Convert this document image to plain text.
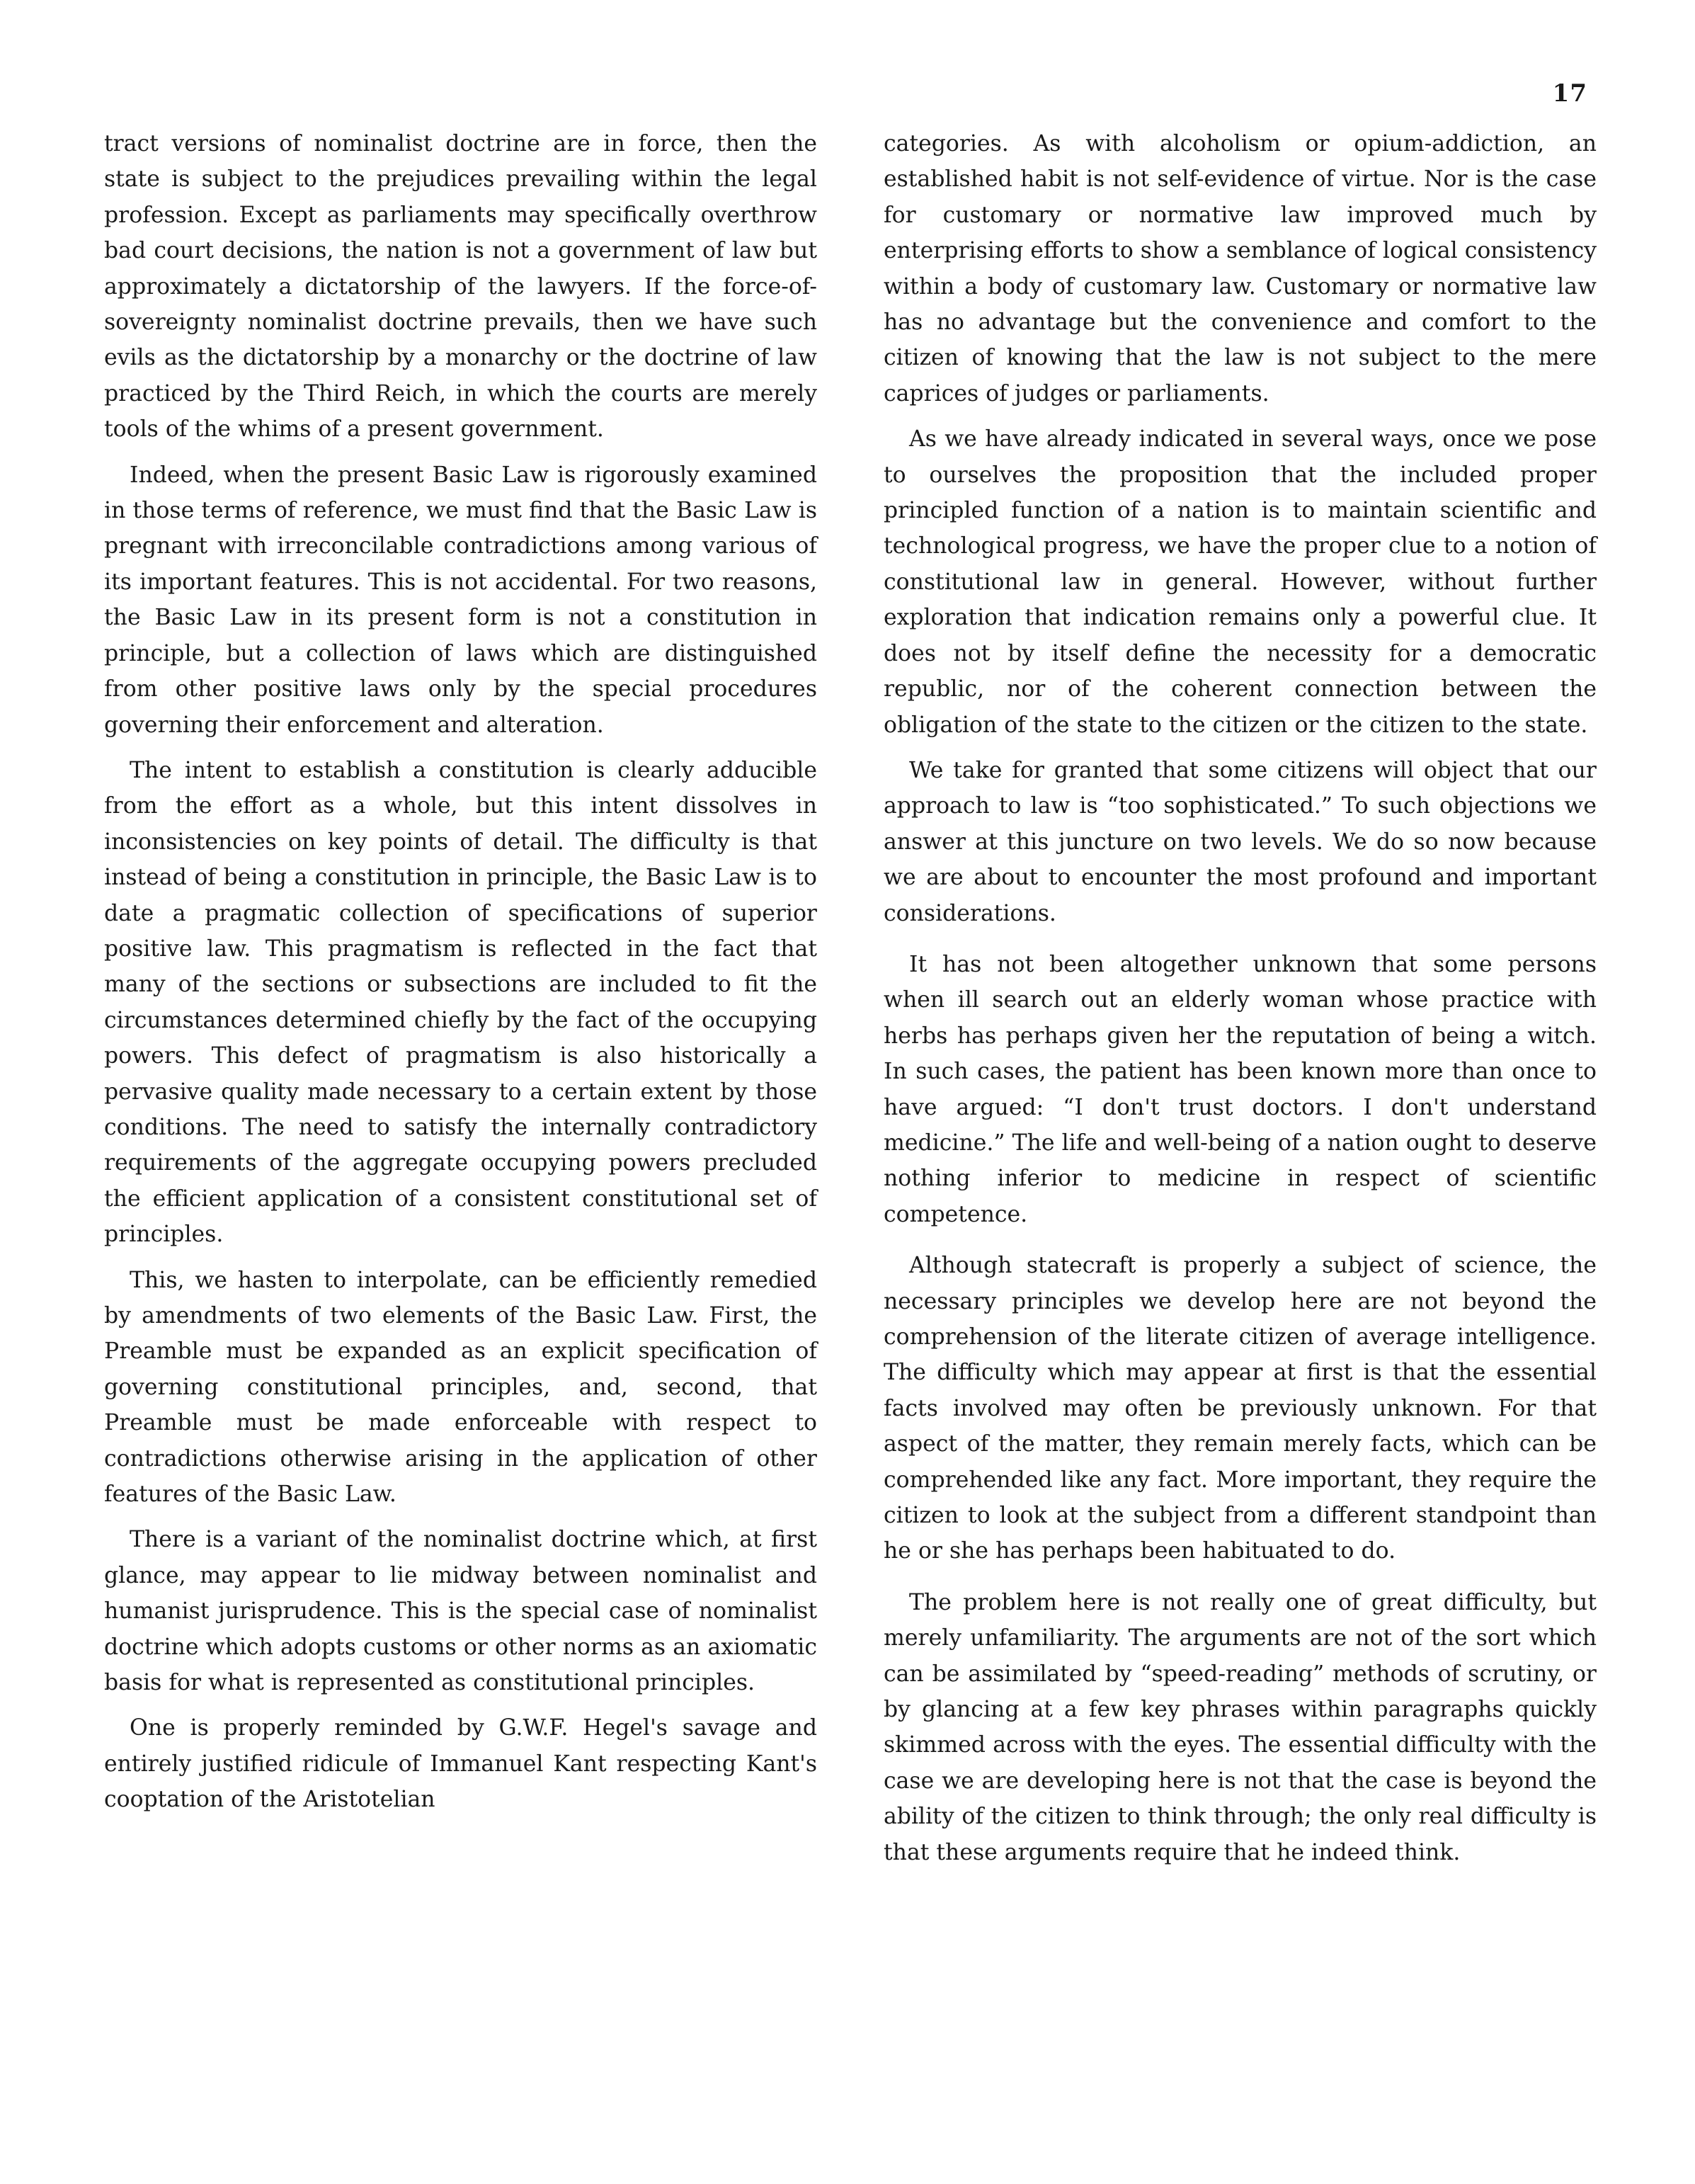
17

tract versions of nominalist doctrine are in force, then the state is subject to the prejudices prevailing within the legal profession. Except as parliaments may specifically overthrow bad court decisions, the nation is not a government of law but approximately a dictatorship of the lawyers. If the force-of-sovereignty nominalist doctrine prevails, then we have such evils as the dictatorship by a monarchy or the doctrine of law practiced by the Third Reich, in which the courts are merely tools of the whims of a present government.

Indeed, when the present Basic Law is rigorously examined in those terms of reference, we must find that the Basic Law is pregnant with irreconcilable contradictions among various of its important features. This is not accidental. For two reasons, the Basic Law in its present form is not a constitution in principle, but a collection of laws which are distinguished from other positive laws only by the special procedures governing their enforcement and alteration.

The intent to establish a constitution is clearly adducible from the effort as a whole, but this intent dissolves in inconsistencies on key points of detail. The difficulty is that instead of being a constitution in principle, the Basic Law is to date a pragmatic collection of specifications of superior positive law. This pragmatism is reflected in the fact that many of the sections or subsections are included to fit the circumstances determined chiefly by the fact of the occupying powers. This defect of pragmatism is also historically a pervasive quality made necessary to a certain extent by those conditions. The need to satisfy the internally contradictory requirements of the aggregate occupying powers precluded the efficient application of a consistent constitutional set of principles.

This, we hasten to interpolate, can be efficiently remedied by amendments of two elements of the Basic Law. First, the Preamble must be expanded as an explicit specification of governing constitutional principles, and, second, that Preamble must be made enforceable with respect to contradictions otherwise arising in the application of other features of the Basic Law.

There is a variant of the nominalist doctrine which, at first glance, may appear to lie midway between nominalist and humanist jurisprudence. This is the special case of nominalist doctrine which adopts customs or other norms as an axiomatic basis for what is represented as constitutional principles.

One is properly reminded by G.W.F. Hegel's savage and entirely justified ridicule of Immanuel Kant respecting Kant's cooptation of the Aristotelian

categories. As with alcoholism or opium-addiction, an established habit is not self-evidence of virtue. Nor is the case for customary or normative law improved much by enterprising efforts to show a semblance of logical consistency within a body of customary law. Customary or normative law has no advantage but the convenience and comfort to the citizen of knowing that the law is not subject to the mere caprices of judges or parliaments.

As we have already indicated in several ways, once we pose to ourselves the proposition that the included proper principled function of a nation is to maintain scientific and technological progress, we have the proper clue to a notion of constitutional law in general. However, without further exploration that indication remains only a powerful clue. It does not by itself define the necessity for a democratic republic, nor of the coherent connection between the obligation of the state to the citizen or the citizen to the state.

We take for granted that some citizens will object that our approach to law is “too sophisticated.” To such objections we answer at this juncture on two levels. We do so now because we are about to encounter the most profound and important considerations.

It has not been altogether unknown that some persons when ill search out an elderly woman whose practice with herbs has perhaps given her the reputation of being a witch. In such cases, the patient has been known more than once to have argued: “I don't trust doctors. I don't understand medicine.” The life and well-being of a nation ought to deserve nothing inferior to medicine in respect of scientific competence.

Although statecraft is properly a subject of science, the necessary principles we develop here are not beyond the comprehension of the literate citizen of average intelligence. The difficulty which may appear at first is that the essential facts involved may often be previously unknown. For that aspect of the matter, they remain merely facts, which can be comprehended like any fact. More important, they require the citizen to look at the subject from a different standpoint than he or she has perhaps been habituated to do.

The problem here is not really one of great difficulty, but merely unfamiliarity. The arguments are not of the sort which can be assimilated by “speed-reading” methods of scrutiny, or by glancing at a few key phrases within paragraphs quickly skimmed across with the eyes. The essential difficulty with the case we are developing here is not that the case is beyond the ability of the citizen to think through; the only real difficulty is that these arguments require that he indeed think.
